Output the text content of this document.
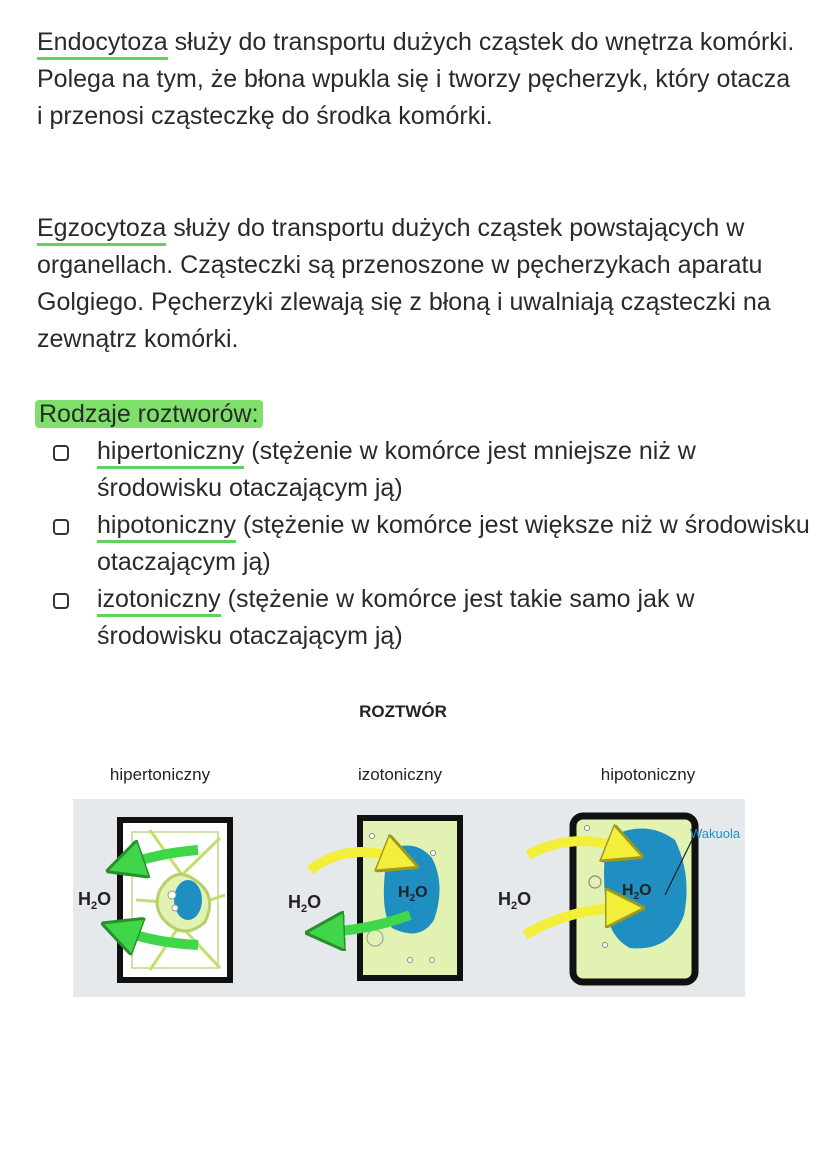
Endocytoza służy do transportu dużych cząstek do wnętrza komórki. Polega na tym, że błona wpukla się i tworzy pęcherzyk, który otacza i przenosi cząsteczkę do środka komórki.

Egzocytoza służy do transportu dużych cząstek powstających w organellach. Cząsteczki są przenoszone w pęcherzykach aparatu Golgiego. Pęcherzyki zlewają się z błoną i uwalniają cząsteczki na zewnątrz komórki.

Rodzaje roztworów:

hipertoniczny (stężenie w komórce jest mniejsze niż w środowisku otaczającym ją)
hipotoniczny (stężenie w komórce jest większe niż w środowisku otaczającym ją)
izotoniczny (stężenie w komórce jest takie samo jak w środowisku otaczającym ją)
ROZTWÓR
hipertoniczny	izotoniczny	hipotoniczny
$H_2O$	$H_2O$	$H_2O$
Wakuola
$H_2O$	$H_2O$
